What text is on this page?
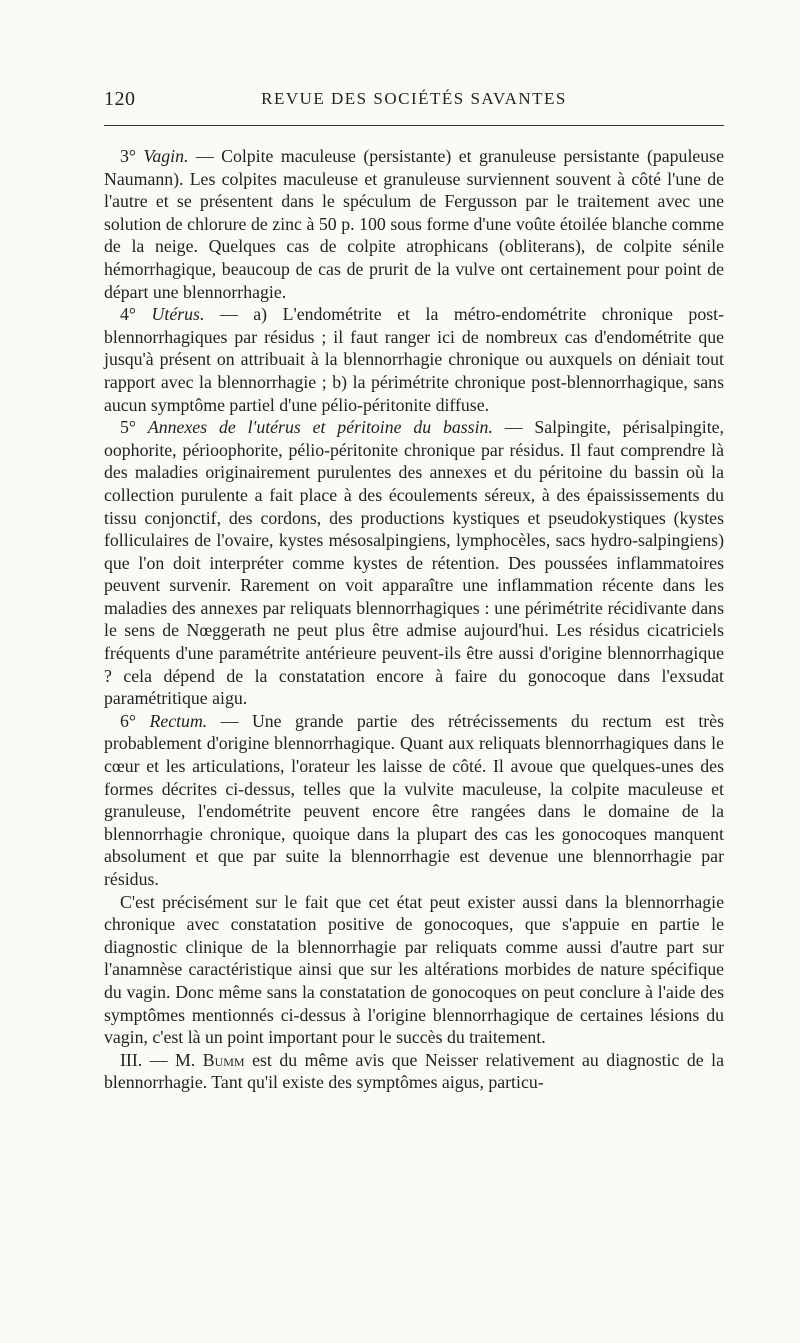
120	REVUE DES SOCIÉTÉS SAVANTES

3° Vagin. — Colpite maculeuse (persistante) et granuleuse persistante (papuleuse Naumann). Les colpites maculeuse et granuleuse surviennent souvent à côté l'une de l'autre et se présentent dans le spéculum de Fergusson par le traitement avec une solution de chlorure de zinc à 50 p. 100 sous forme d'une voûte étoilée blanche comme de la neige. Quelques cas de colpite atrophicans (obliterans), de colpite sénile hémorrhagique, beaucoup de cas de prurit de la vulve ont certainement pour point de départ une blennorrhagie.

4° Utérus. — a) L'endométrite et la métro-endométrite chronique post-blennorrhagiques par résidus ; il faut ranger ici de nombreux cas d'endométrite que jusqu'à présent on attribuait à la blennorrhagie chronique ou auxquels on déniait tout rapport avec la blennorrhagie ; b) la périmétrite chronique post-blennorrhagique, sans aucun symptôme partiel d'une pélio-péritonite diffuse.

5° Annexes de l'utérus et péritoine du bassin. — Salpingite, périsalpingite, oophorite, périoophorite, pélio-péritonite chronique par résidus. Il faut comprendre là des maladies originairement purulentes des annexes et du péritoine du bassin où la collection purulente a fait place à des écoulements séreux, à des épaississements du tissu conjonctif, des cordons, des productions kystiques et pseudokystiques (kystes folliculaires de l'ovaire, kystes mésosalpingiens, lymphocèles, sacs hydro-salpingiens) que l'on doit interpréter comme kystes de rétention. Des poussées inflammatoires peuvent survenir. Rarement on voit apparaître une inflammation récente dans les maladies des annexes par reliquats blennorrhagiques : une périmétrite récidivante dans le sens de Nœggerath ne peut plus être admise aujourd'hui. Les résidus cicatriciels fréquents d'une paramétrite antérieure peuvent-ils être aussi d'origine blennorrhagique ? cela dépend de la constatation encore à faire du gonocoque dans l'exsudat paramétritique aigu.

6° Rectum. — Une grande partie des rétrécissements du rectum est très probablement d'origine blennorrhagique. Quant aux reliquats blennorrhagiques dans le cœur et les articulations, l'orateur les laisse de côté. Il avoue que quelques-unes des formes décrites ci-dessus, telles que la vulvite maculeuse, la colpite maculeuse et granuleuse, l'endométrite peuvent encore être rangées dans le domaine de la blennorrhagie chronique, quoique dans la plupart des cas les gonocoques manquent absolument et que par suite la blennorrhagie est devenue une blennorrhagie par résidus.

C'est précisément sur le fait que cet état peut exister aussi dans la blennorrhagie chronique avec constatation positive de gonocoques, que s'appuie en partie le diagnostic clinique de la blennorrhagie par reliquats comme aussi d'autre part sur l'anamnèse caractéristique ainsi que sur les altérations morbides de nature spécifique du vagin. Donc même sans la constatation de gonocoques on peut conclure à l'aide des symptômes mentionnés ci-dessus à l'origine blennorrhagique de certaines lésions du vagin, c'est là un point important pour le succès du traitement.

III. — M. Bumm est du même avis que Neisser relativement au diagnostic de la blennorrhagie. Tant qu'il existe des symptômes aigus, particu-
